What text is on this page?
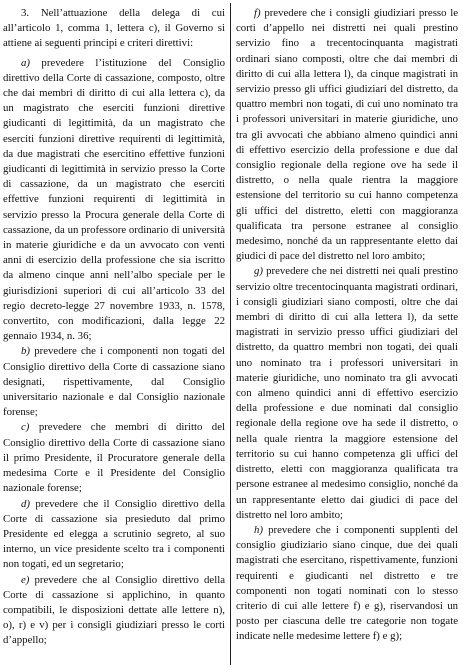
3. Nell’attuazione della delega di cui all’articolo 1, comma 1, lettera c), il Governo si attiene ai seguenti principi e criteri direttivi:

a) prevedere l’istituzione del Consiglio direttivo della Corte di cassazione, composto, oltre che dai membri di diritto di cui alla lettera c), da un magistrato che eserciti funzioni direttive giudicanti di legittimità, da un magistrato che eserciti funzioni direttive requirenti di legittimità, da due magistrati che esercitino effettive funzioni giudicanti di legittimità in servizio presso la Corte di cassazione, da un magistrato che eserciti effettive funzioni requirenti di legittimità in servizio presso la Procura generale della Corte di cassazione, da un professore ordinario di università in materie giuridiche e da un avvocato con venti anni di esercizio della professione che sia iscritto da almeno cinque anni nell’albo speciale per le giurisdizioni superiori di cui all’articolo 33 del regio decreto-legge 27 novembre 1933, n. 1578, convertito, con modificazioni, dalla legge 22 gennaio 1934, n. 36;

b) prevedere che i componenti non togati del Consiglio direttivo della Corte di cassazione siano designati, rispettivamente, dal Consiglio universitario nazionale e dal Consiglio nazionale forense;

c) prevedere che membri di diritto del Consiglio direttivo della Corte di cassazione siano il primo Presidente, il Procuratore generale della medesima Corte e il Presidente del Consiglio nazionale forense;

d) prevedere che il Consiglio direttivo della Corte di cassazione sia presieduto dal primo Presidente ed elegga a scrutinio segreto, al suo interno, un vice presidente scelto tra i componenti non togati, ed un segretario;

e) prevedere che al Consiglio direttivo della Corte di cassazione si applichino, in quanto compatibili, le disposizioni dettate alle lettere n), o), r) e v) per i consigli giudiziari presso le corti d’appello;

f) prevedere che i consigli giudiziari presso le corti d’appello nei distretti nei quali prestino servizio fino a trecentocinquanta magistrati ordinari siano composti, oltre che dai membri di diritto di cui alla lettera l), da cinque magistrati in servizio presso gli uffici giudiziari del distretto, da quattro membri non togati, di cui uno nominato tra i professori universitari in materie giuridiche, uno tra gli avvocati che abbiano almeno quindici anni di effettivo esercizio della professione e due dal consiglio regionale della regione ove ha sede il distretto, o nella quale rientra la maggiore estensione del territorio su cui hanno competenza gli uffici del distretto, eletti con maggioranza qualificata tra persone estranee al consiglio medesimo, nonché da un rappresentante eletto dai giudici di pace del distretto nel loro ambito;

g) prevedere che nei distretti nei quali prestino servizio oltre trecentocinquanta magistrati ordinari, i consigli giudiziari siano composti, oltre che dai membri di diritto di cui alla lettera l), da sette magistrati in servizio presso uffici giudiziari del distretto, da quattro membri non togati, dei quali uno nominato tra i professori universitari in materie giuridiche, uno nominato tra gli avvocati con almeno quindici anni di effettivo esercizio della professione e due nominati dal consiglio regionale della regione ove ha sede il distretto, o nella quale rientra la maggiore estensione del territorio su cui hanno competenza gli uffici del distretto, eletti con maggioranza qualificata tra persone estranee al medesimo consiglio, nonché da un rappresentante eletto dai giudici di pace del distretto nel loro ambito;

h) prevedere che i componenti supplenti del consiglio giudiziario siano cinque, due dei quali magistrati che esercitano, rispettivamente, funzioni requirenti e giudicanti nel distretto e tre componenti non togati nominati con lo stesso criterio di cui alle lettere f) e g), riservandosi un posto per ciascuna delle tre categorie non togate indicate nelle medesime lettere f) e g);
